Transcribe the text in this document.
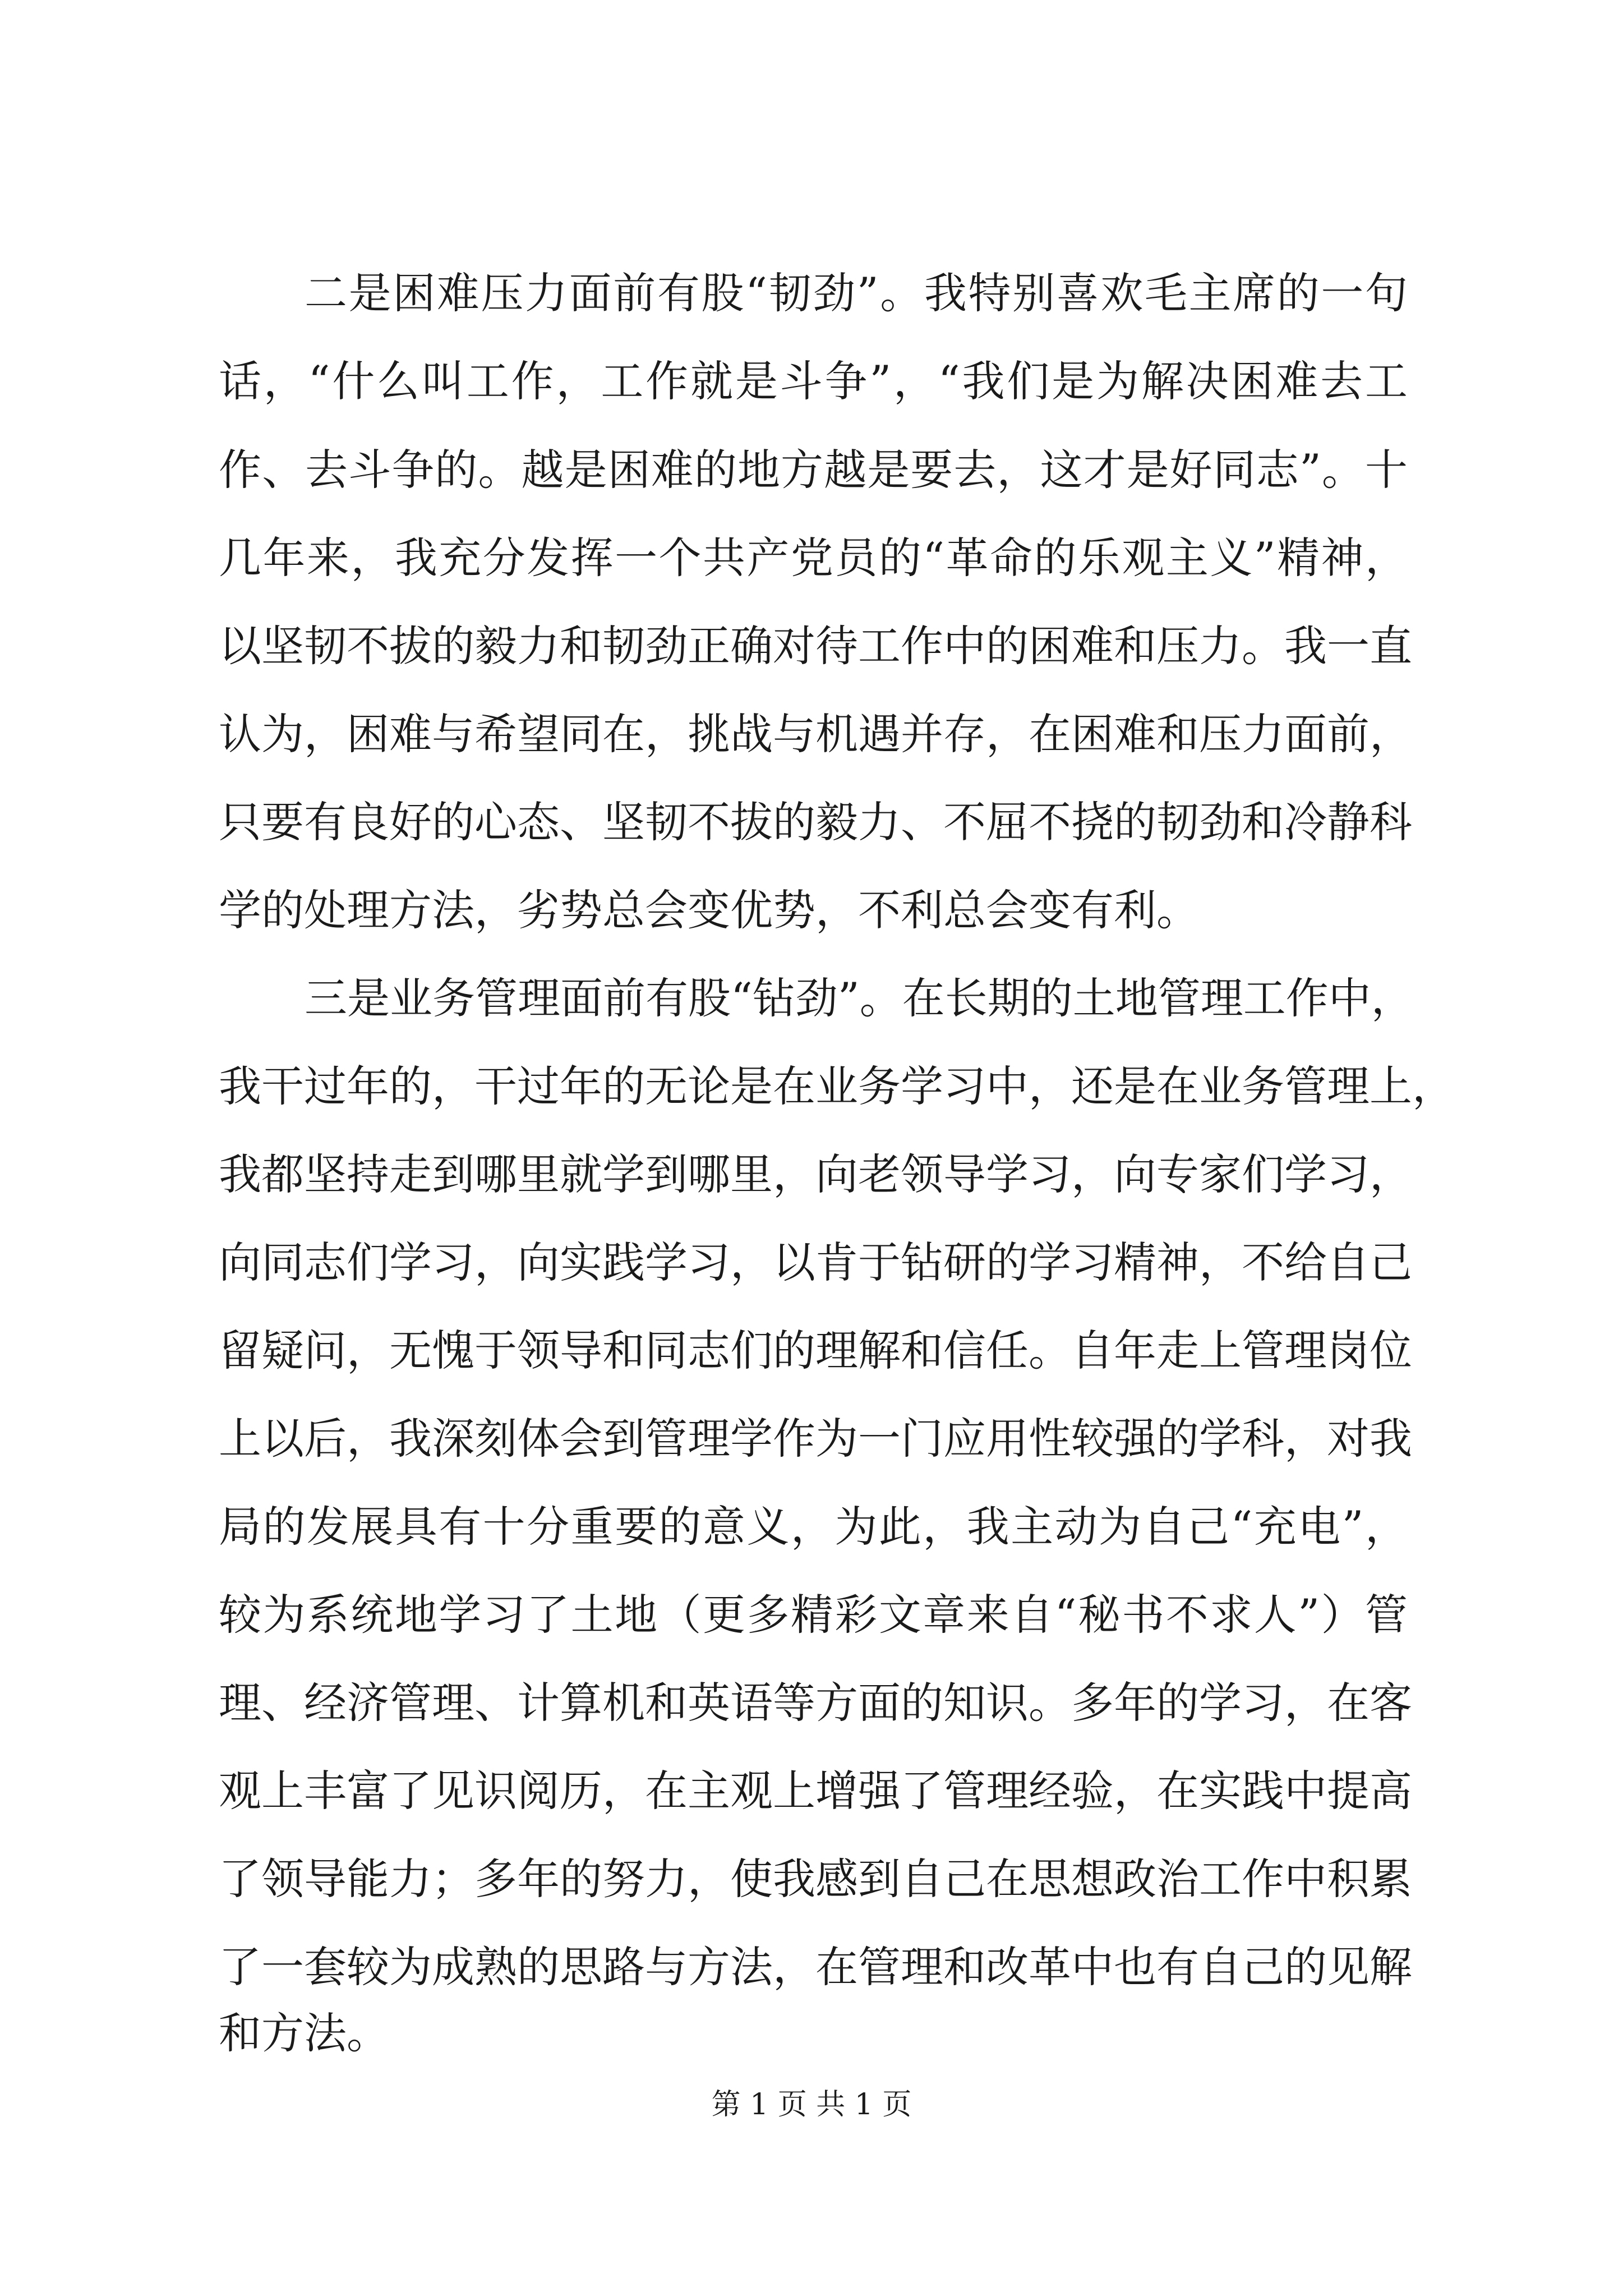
二是困难压力面前有股“韧劲”。我特别喜欢毛主席的一句
话，“什么叫工作，工作就是斗争”，“我们是为解决困难去工
作、去斗争的。越是困难的地方越是要去，这才是好同志”。十
几年来，我充分发挥一个共产党员的“革命的乐观主义”精神，
以坚韧不拔的毅力和韧劲正确对待工作中的困难和压力。我一直
认为，困难与希望同在，挑战与机遇并存，在困难和压力面前，
只要有良好的心态、坚韧不拔的毅力、不屈不挠的韧劲和冷静科
学的处理方法，劣势总会变优势，不利总会变有利。
三是业务管理面前有股“钻劲”。在长期的土地管理工作中，
我干过年的，干过年的无论是在业务学习中，还是在业务管理上，
我都坚持走到哪里就学到哪里，向老领导学习，向专家们学习，
向同志们学习，向实践学习，以肯于钻研的学习精神，不给自己
留疑问，无愧于领导和同志们的理解和信任。自年走上管理岗位
上以后，我深刻体会到管理学作为一门应用性较强的学科，对我
局的发展具有十分重要的意义，为此，我主动为自己“充电”，
较为系统地学习了土地（更多精彩文章来自“秘书不求人”）管
理、经济管理、计算机和英语等方面的知识。多年的学习，在客
观上丰富了见识阅历，在主观上增强了管理经验，在实践中提高
了领导能力；多年的努力，使我感到自己在思想政治工作中积累
了一套较为成熟的思路与方法，在管理和改革中也有自己的见解
和方法。
第 1 页 共 1 页
